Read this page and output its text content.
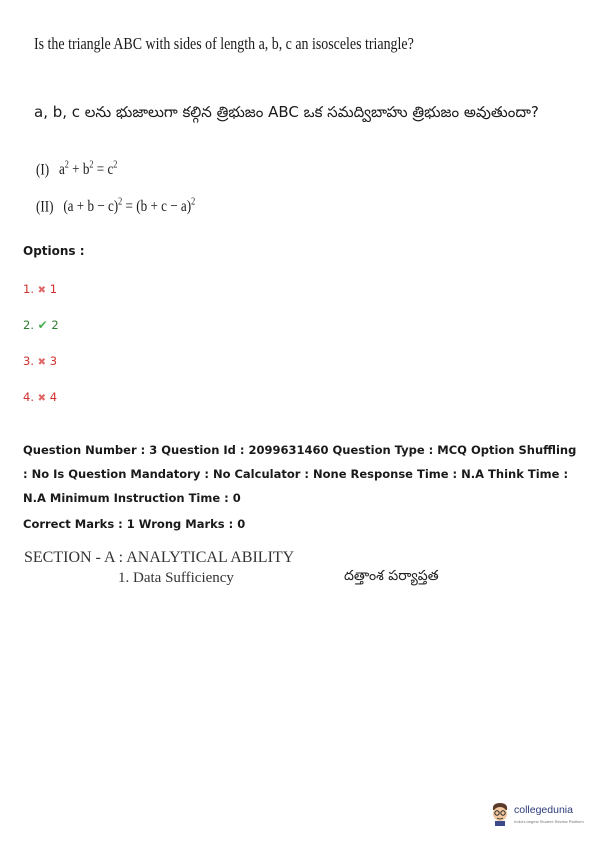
Is the triangle ABC with sides of length a, b, c an isosceles triangle?
a, b, c లను భుజాలుగా కల్గిన త్రిభుజం ABC ఒక సమద్విబాహు త్రిభుజం అవుతుందా?
(I) $a^2 + b^2 = c^2$
(II) $(a + b - c)^2 = (b + c - a)^2$
Options :
1. ✖ 1
2. ✔ 2
3. ✖ 3
4. ✖ 4
Question Number : 3 Question Id : 2099631460 Question Type : MCQ Option Shuffling : No Is Question Mandatory : No Calculator : None Response Time : N.A Think Time : N.A Minimum Instruction Time : 0
Correct Marks : 1 Wrong Marks : 0
SECTION - A : ANALYTICAL ABILITY
1. Data Sufficiency	దత్తాంశ పర్యాప్తత
collegedunia
India's largest Student Review Platform
